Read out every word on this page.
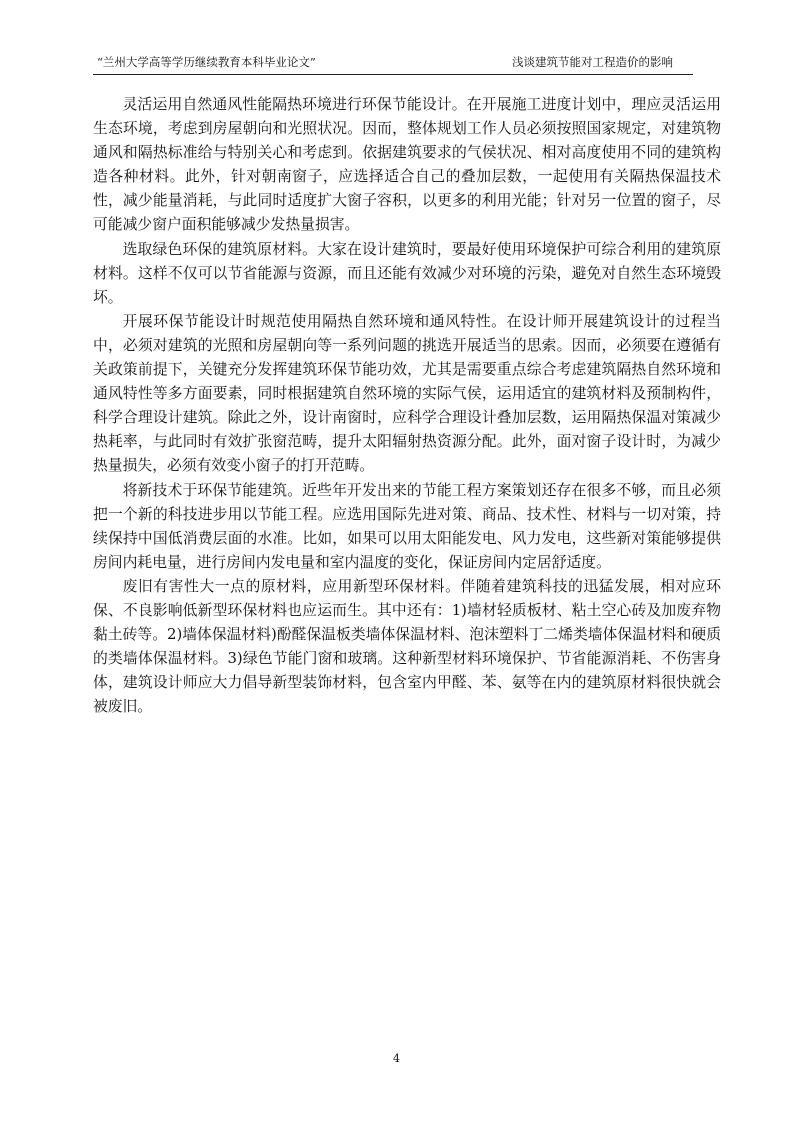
“兰州大学高等学历继续教育本科毕业论文”	浅谈建筑节能对工程造价的影响

灵活运用自然通风性能隔热环境进行环保节能设计。在开展施工进度计划中，理应灵活运用生态环境，考虑到房屋朝向和光照状况。因而，整体规划工作人员必须按照国家规定，对建筑物通风和隔热标准给与特别关心和考虑到。依据建筑要求的气侯状况、相对高度使用不同的建筑构造各种材料。此外，针对朝南窗子，应选择适合自己的叠加层数，一起使用有关隔热保温技术性，减少能量消耗，与此同时适度扩大窗子容积，以更多的利用光能；针对另一位置的窗子，尽可能减少窗户面积能够减少发热量损害。

选取绿色环保的建筑原材料。大家在设计建筑时，要最好使用环境保护可综合利用的建筑原材料。这样不仅可以节省能源与资源，而且还能有效减少对环境的污染，避免对自然生态环境毁坏。

开展环保节能设计时规范使用隔热自然环境和通风特性。在设计师开展建筑设计的过程当中，必须对建筑的光照和房屋朝向等一系列问题的挑选开展适当的思索。因而，必须要在遵循有关政策前提下，关键充分发挥建筑环保节能功效，尤其是需要重点综合考虑建筑隔热自然环境和通风特性等多方面要素，同时根据建筑自然环境的实际气侯，运用适宜的建筑材料及预制构件，科学合理设计建筑。除此之外，设计南窗时，应科学合理设计叠加层数，运用隔热保温对策减少热耗率，与此同时有效扩张窗范畴，提升太阳辐射热资源分配。此外，面对窗子设计时，为减少热量损失，必须有效变小窗子的打开范畴。

将新技术于环保节能建筑。近些年开发出来的节能工程方案策划还存在很多不够，而且必须把一个新的科技进步用以节能工程。应选用国际先进对策、商品、技术性、材料与一切对策，持续保持中国低消费层面的水准。比如，如果可以用太阳能发电、风力发电，这些新对策能够提供房间内耗电量，进行房间内发电量和室内温度的变化，保证房间内定居舒适度。

废旧有害性大一点的原材料，应用新型环保材料。伴随着建筑科技的迅猛发展，相对应环保、不良影响低新型环保材料也应运而生。其中还有：1)墙材轻质板材、粘土空心砖及加废弃物黏土砖等。2)墙体保温材料)酚醛保温板类墙体保温材料、泡沫塑料丁二烯类墙体保温材料和硬质的类墙体保温材料。3)绿色节能门窗和玻璃。这种新型材料环境保护、节省能源消耗、不伤害身体，建筑设计师应大力倡导新型装饰材料，包含室内甲醛、苯、氨等在内的建筑原材料很快就会被废旧。

4
